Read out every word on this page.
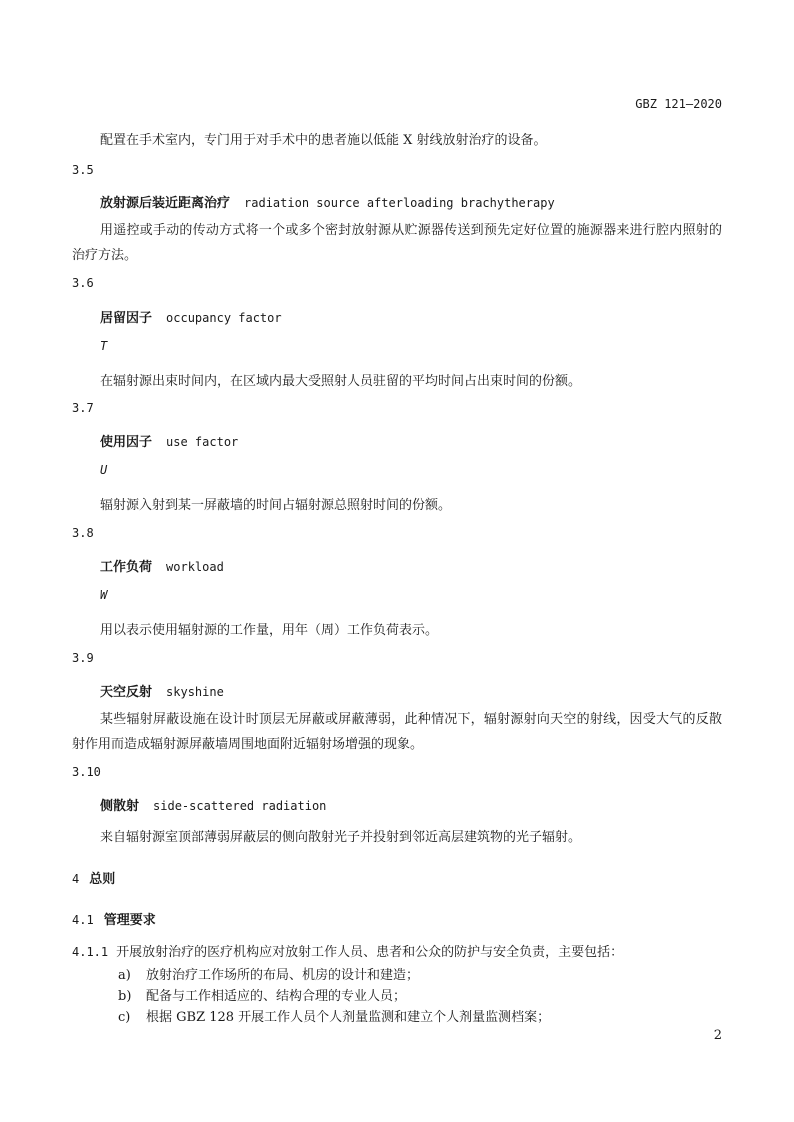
GBZ 121—2020
配置在手术室内，专门用于对手术中的患者施以低能 X 射线放射治疗的设备。
3.5
放射源后装近距离治疗 radiation source afterloading brachytherapy
用遥控或手动的传动方式将一个或多个密封放射源从贮源器传送到预先定好位置的施源器来进行腔内照射的治疗方法。
3.6
居留因子 occupancy factor
T
在辐射源出束时间内，在区域内最大受照射人员驻留的平均时间占出束时间的份额。
3.7
使用因子 use factor
U
辐射源入射到某一屏蔽墙的时间占辐射源总照射时间的份额。
3.8
工作负荷 workload
W
用以表示使用辐射源的工作量，用年（周）工作负荷表示。
3.9
天空反射 skyshine
某些辐射屏蔽设施在设计时顶层无屏蔽或屏蔽薄弱，此种情况下，辐射源射向天空的射线，因受大气的反散射作用而造成辐射源屏蔽墙周围地面附近辐射场增强的现象。
3.10
侧散射 side-scattered radiation
来自辐射源室顶部薄弱屏蔽层的侧向散射光子并投射到邻近高层建筑物的光子辐射。
4 总则
4.1 管理要求
4.1.1 开展放射治疗的医疗机构应对放射工作人员、患者和公众的防护与安全负责，主要包括：
a) 放射治疗工作场所的布局、机房的设计和建造；
b) 配备与工作相适应的、结构合理的专业人员；
c) 根据 GBZ 128 开展工作人员个人剂量监测和建立个人剂量监测档案；
2
